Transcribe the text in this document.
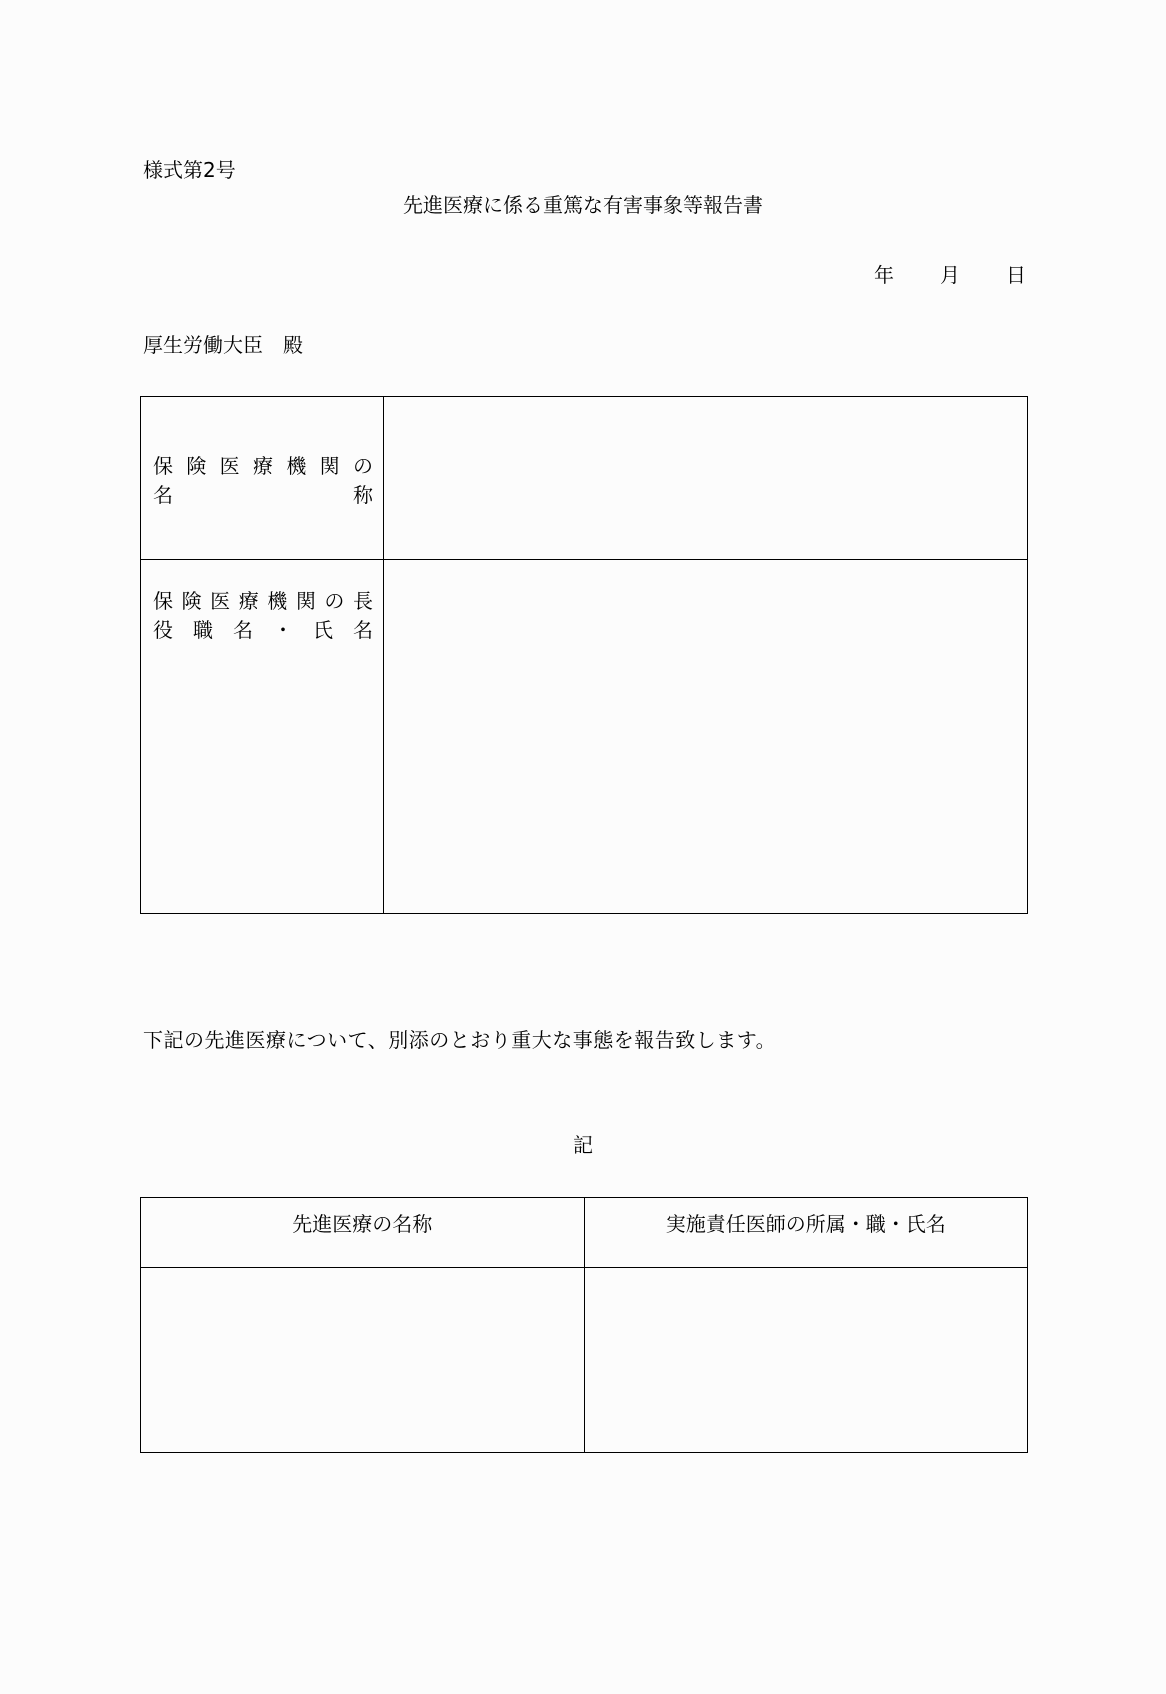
様式第2号
先進医療に係る重篤な有害事象等報告書
年 月 日
厚生労働大臣　殿
保 険 医 療 機 関 の
名	称

保 険 医 療 機 関 の 長
役 職 名 ・ 氏 名

下記の先進医療について、別添のとおり重大な事態を報告致します。
記
先進医療の名称	実施責任医師の所属・職・氏名
